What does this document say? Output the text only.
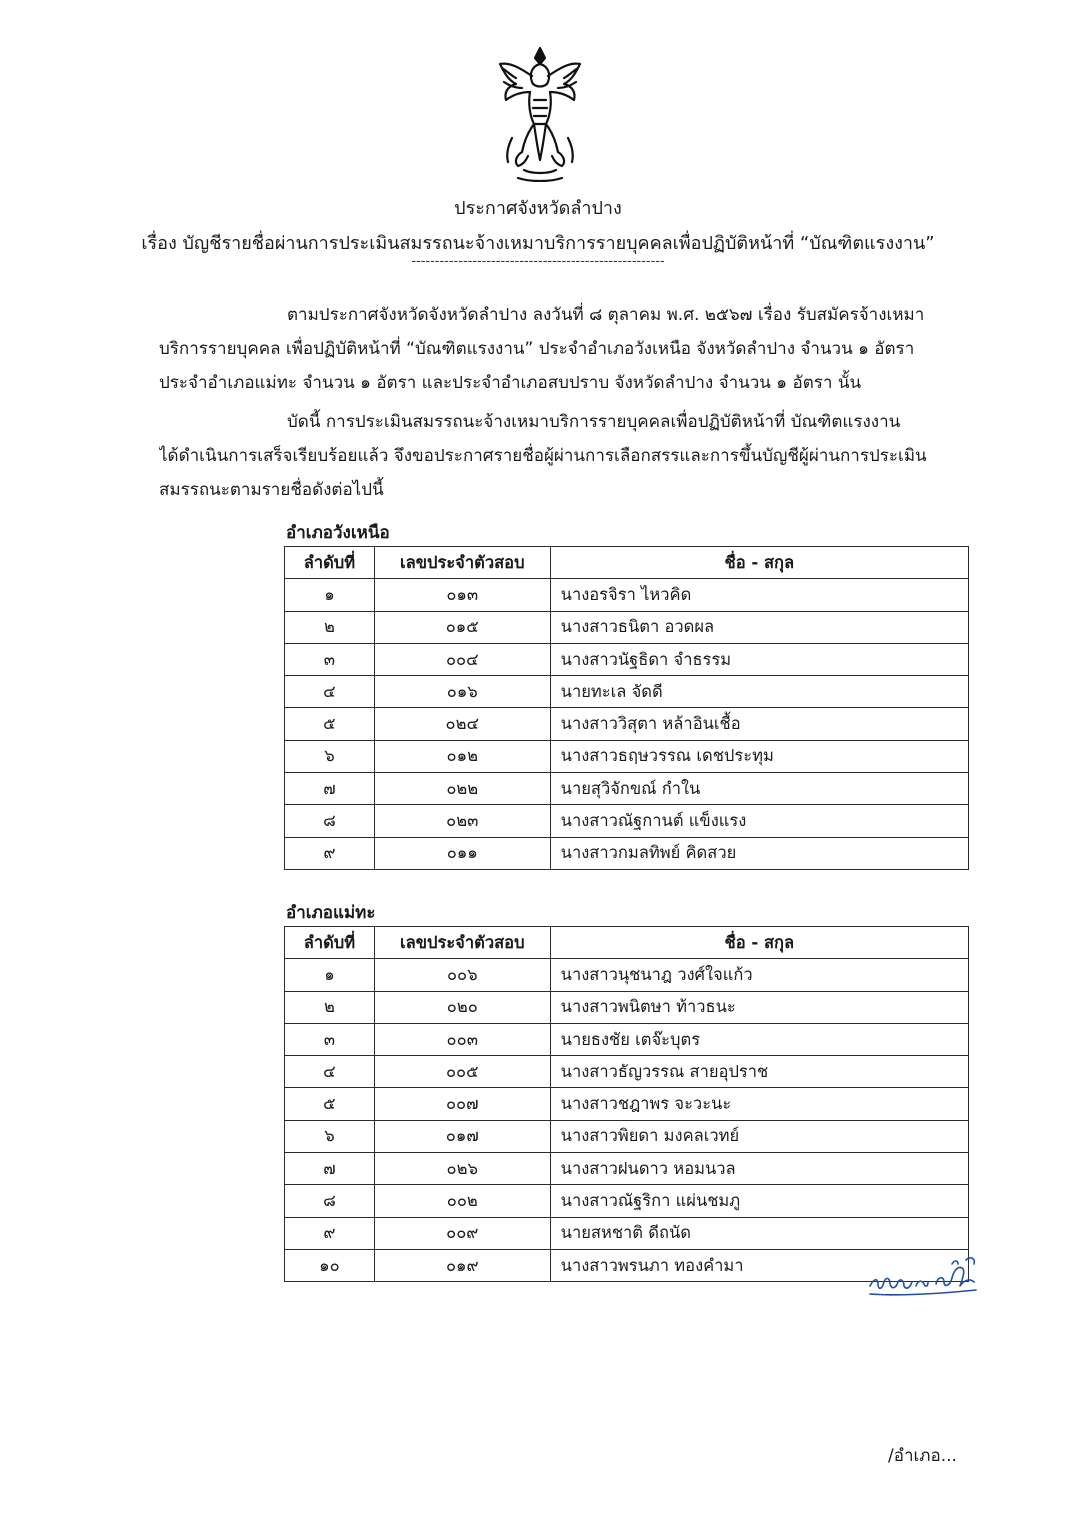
ประกาศจังหวัดลำปาง
เรื่อง บัญชีรายชื่อผ่านการประเมินสมรรถนะจ้างเหมาบริการรายบุคคลเพื่อปฏิบัติหน้าที่ “บัณฑิตแรงงาน”
------------------------------------------------------
ตามประกาศจังหวัดจังหวัดลำปาง ลงวันที่ ๘ ตุลาคม พ.ศ. ๒๕๖๗ เรื่อง รับสมัครจ้างเหมา
บริการรายบุคคล เพื่อปฏิบัติหน้าที่ “บัณฑิตแรงงาน” ประจำอำเภอวังเหนือ จังหวัดลำปาง จำนวน ๑ อัตรา
ประจำอำเภอแม่ทะ จำนวน ๑ อัตรา และประจำอำเภอสบปราบ จังหวัดลำปาง จำนวน ๑ อัตรา นั้น
บัดนี้ การประเมินสมรรถนะจ้างเหมาบริการรายบุคคลเพื่อปฏิบัติหน้าที่ บัณฑิตแรงงาน
ได้ดำเนินการเสร็จเรียบร้อยแล้ว จึงขอประกาศรายชื่อผู้ผ่านการเลือกสรรและการขึ้นบัญชีผู้ผ่านการประเมิน
สมรรถนะตามรายชื่อดังต่อไปนี้
อำเภอวังเหนือ
ลำดับที่	เลขประจำตัวสอบ	ชื่อ - สกุล
๑	๐๑๓	นางอรจิรา ไหวคิด
๒	๐๑๕	นางสาวธนิตา อวดผล
๓	๐๐๔	นางสาวนัฐธิดา จำธรรม
๔	๐๑๖	นายทะเล จัดดี
๕	๐๒๔	นางสาววิสุตา หล้าอินเชื้อ
๖	๐๑๒	นางสาวธฤษวรรณ เดชประทุม
๗	๐๒๒	นายสุวิจักขณ์ กำใน
๘	๐๒๓	นางสาวณัฐกานต์ แข็งแรง
๙	๐๑๑	นางสาวกมลทิพย์ คิดสวย
อำเภอแม่ทะ
ลำดับที่	เลขประจำตัวสอบ	ชื่อ - สกุล
๑	๐๐๖	นางสาวนุชนาฎ วงศ์ใจแก้ว
๒	๐๒๐	นางสาวพนิตษา ท้าวธนะ
๓	๐๐๓	นายธงชัย เตจ๊ะบุตร
๔	๐๐๕	นางสาวธัญวรรณ สายอุปราช
๕	๐๐๗	นางสาวชฎาพร จะวะนะ
๖	๐๑๗	นางสาวพิยดา มงคลเวทย์
๗	๐๒๖	นางสาวฝนดาว หอมนวล
๘	๐๐๒	นางสาวณัฐริกา แผ่นชมภู
๙	๐๐๙	นายสหชาติ ดีถนัด
๑๐	๐๑๙	นางสาวพรนภา ทองคำมา
/อำเภอ...
